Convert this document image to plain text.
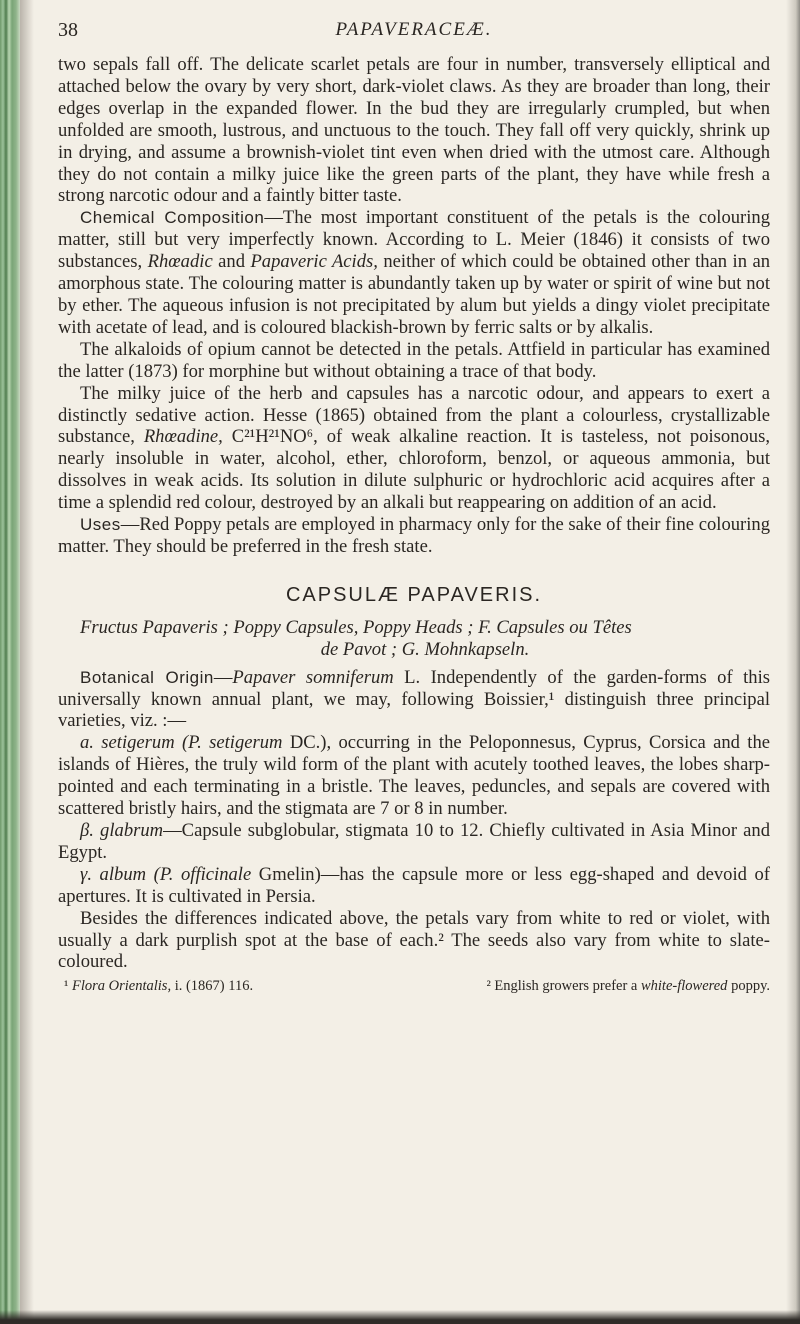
38	PAPAVERACEÆ.

two sepals fall off. The delicate scarlet petals are four in number, transversely elliptical and attached below the ovary by very short, dark-violet claws. As they are broader than long, their edges overlap in the expanded flower. In the bud they are irregularly crumpled, but when unfolded are smooth, lustrous, and unctuous to the touch. They fall off very quickly, shrink up in drying, and assume a brownish-violet tint even when dried with the utmost care. Although they do not contain a milky juice like the green parts of the plant, they have while fresh a strong narcotic odour and a faintly bitter taste.

Chemical Composition—The most important constituent of the petals is the colouring matter, still but very imperfectly known. According to L. Meier (1846) it consists of two substances, Rhœadic and Papaveric Acids, neither of which could be obtained other than in an amorphous state. The colouring matter is abundantly taken up by water or spirit of wine but not by ether. The aqueous infusion is not precipitated by alum but yields a dingy violet precipitate with acetate of lead, and is coloured blackish-brown by ferric salts or by alkalis.

The alkaloids of opium cannot be detected in the petals. Attfield in particular has examined the latter (1873) for morphine but without obtaining a trace of that body.

The milky juice of the herb and capsules has a narcotic odour, and appears to exert a distinctly sedative action. Hesse (1865) obtained from the plant a colourless, crystallizable substance, Rhœadine, C²¹H²¹NO⁶, of weak alkaline reaction. It is tasteless, not poisonous, nearly insoluble in water, alcohol, ether, chloroform, benzol, or aqueous ammonia, but dissolves in weak acids. Its solution in dilute sulphuric or hydrochloric acid acquires after a time a splendid red colour, destroyed by an alkali but reappearing on addition of an acid.

Uses—Red Poppy petals are employed in pharmacy only for the sake of their fine colouring matter. They should be preferred in the fresh state.

CAPSULÆ PAPAVERIS.

Fructus Papaveris ; Poppy Capsules, Poppy Heads ; F. Capsules ou Têtes
de Pavot ; G. Mohnkapseln.

Botanical Origin—Papaver somniferum L. Independently of the garden-forms of this universally known annual plant, we may, following Boissier,¹ distinguish three principal varieties, viz. :—

a. setigerum (P. setigerum DC.), occurring in the Peloponnesus, Cyprus, Corsica and the islands of Hières, the truly wild form of the plant with acutely toothed leaves, the lobes sharp-pointed and each terminating in a bristle. The leaves, peduncles, and sepals are covered with scattered bristly hairs, and the stigmata are 7 or 8 in number.

β. glabrum—Capsule subglobular, stigmata 10 to 12. Chiefly cultivated in Asia Minor and Egypt.

γ. album (P. officinale Gmelin)—has the capsule more or less egg-shaped and devoid of apertures. It is cultivated in Persia.

Besides the differences indicated above, the petals vary from white to red or violet, with usually a dark purplish spot at the base of each.² The seeds also vary from white to slate-coloured.

¹ Flora Orientalis, i. (1867) 116.	² English growers prefer a white-flowered poppy.
